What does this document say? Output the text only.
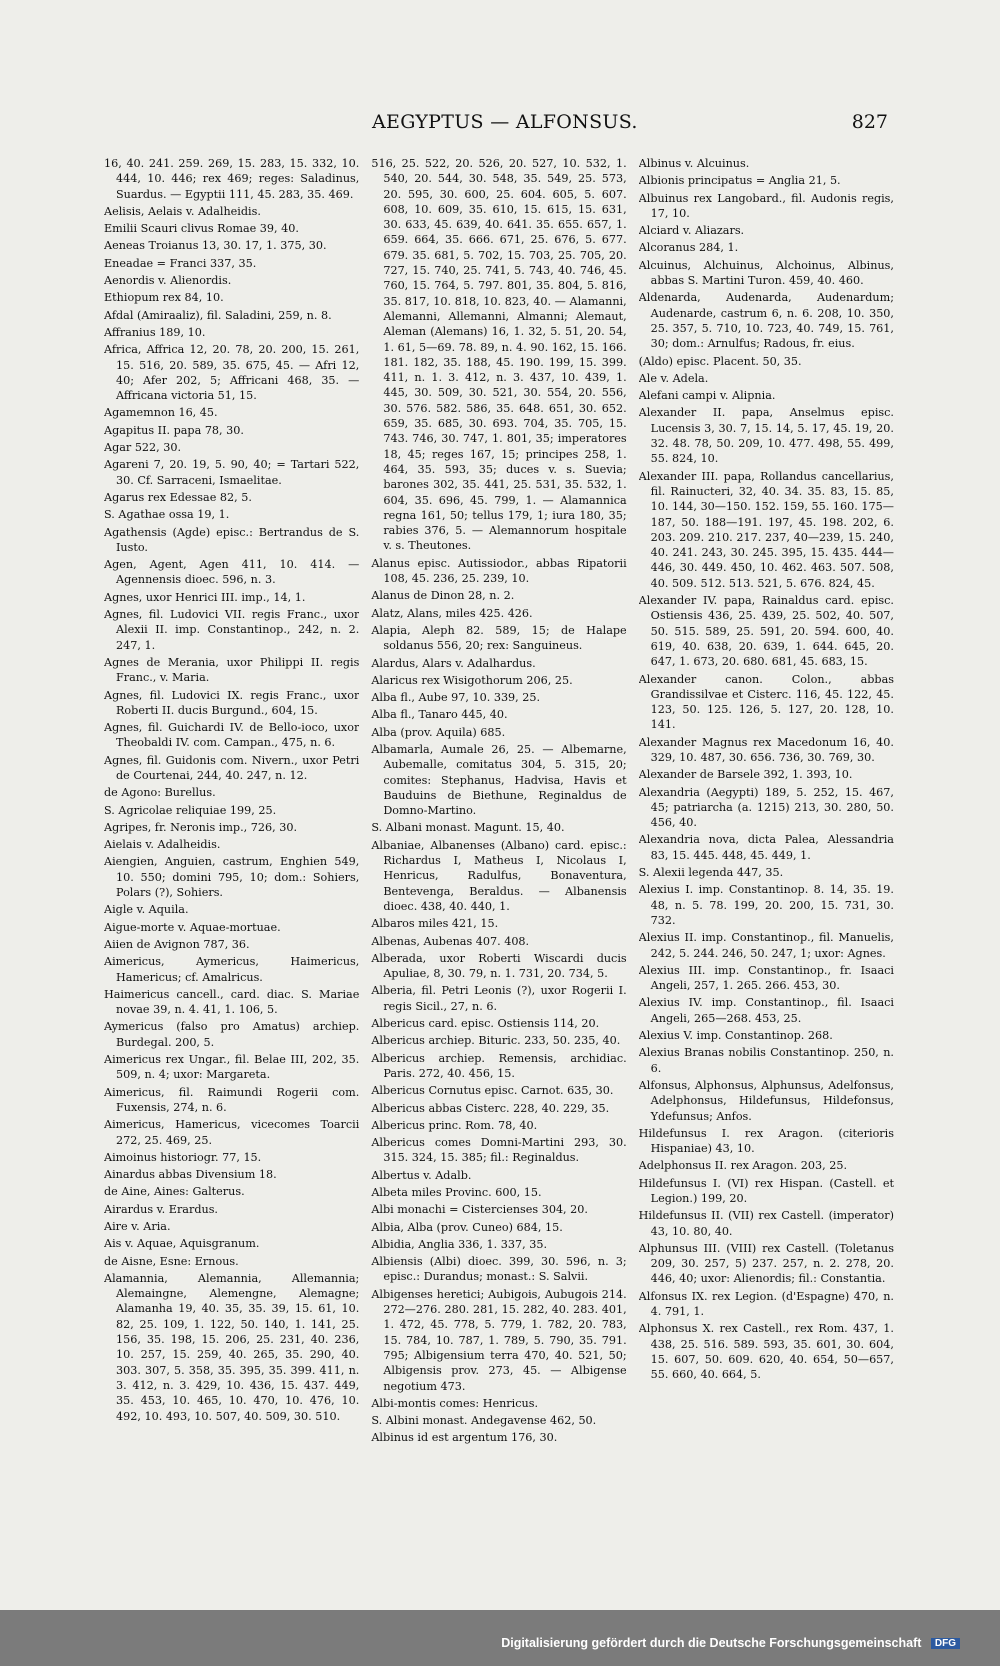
AEGYPTUS — ALFONSUS.	827

16, 40. 241. 259. 269, 15. 283, 15. 332, 10. 444, 10. 446; rex 469; reges: Saladinus, Suardus. — Egyptii 111, 45. 283, 35. 469.

Aelisis, Aelais v. Adalheidis.

Emilii Scauri clivus Romae 39, 40.

Aeneas Troianus 13, 30. 17, 1. 375, 30.

Eneadae = Franci 337, 35.

Aenordis v. Alienordis.

Ethiopum rex 84, 10.

Afdal (Amiraaliz), fil. Saladini, 259, n. 8.

Affranius 189, 10.

Africa, Affrica 12, 20. 78, 20. 200, 15. 261, 15. 516, 20. 589, 35. 675, 45. — Afri 12, 40; Afer 202, 5; Affricani 468, 35. — Affricana victoria 51, 15.

Agamemnon 16, 45.

Agapitus II. papa 78, 30.

Agar 522, 30.

Agareni 7, 20. 19, 5. 90, 40; = Tartari 522, 30. Cf. Sarraceni, Ismaelitae.

Agarus rex Edessae 82, 5.

S. Agathae ossa 19, 1.

Agathensis (Agde) episc.: Bertrandus de S. Iusto.

Agen, Agent, Agen 411, 10. 414. — Agennensis dioec. 596, n. 3.

Agnes, uxor Henrici III. imp., 14, 1.

Agnes, fil. Ludovici VII. regis Franc., uxor Alexii II. imp. Constantinop., 242, n. 2. 247, 1.

Agnes de Merania, uxor Philippi II. regis Franc., v. Maria.

Agnes, fil. Ludovici IX. regis Franc., uxor Roberti II. ducis Burgund., 604, 15.

Agnes, fil. Guichardi IV. de Bello-ioco, uxor Theobaldi IV. com. Campan., 475, n. 6.

Agnes, fil. Guidonis com. Nivern., uxor Petri de Courtenai, 244, 40. 247, n. 12.

de Agono: Burellus.

S. Agricolae reliquiae 199, 25.

Agripes, fr. Neronis imp., 726, 30.

Aielais v. Adalheidis.

Aiengien, Anguien, castrum, Enghien 549, 10. 550; domini 795, 10; dom.: Sohiers, Polars (?), Sohiers.

Aigle v. Aquila.

Aigue-morte v. Aquae-mortuae.

Aiien de Avignon 787, 36.

Aimericus, Aymericus, Haimericus, Hamericus; cf. Amalricus.

Haimericus cancell., card. diac. S. Mariae novae 39, n. 4. 41, 1. 106, 5.

Aymericus (falso pro Amatus) archiep. Burdegal. 200, 5.

Aimericus rex Ungar., fil. Belae III, 202, 35. 509, n. 4; uxor: Margareta.

Aimericus, fil. Raimundi Rogerii com. Fuxensis, 274, n. 6.

Aimericus, Hamericus, vicecomes Toarcii 272, 25. 469, 25.

Aimoinus historiogr. 77, 15.

Ainardus abbas Divensium 18.

de Aine, Aines: Galterus.

Airardus v. Erardus.

Aire v. Aria.

Ais v. Aquae, Aquisgranum.

de Aisne, Esne: Ernous.

Alamannia, Alemannia, Allemannia; Alemaingne, Alemengne, Alemagne; Alamanha 19, 40. 35, 35. 39, 15. 61, 10. 82, 25. 109, 1. 122, 50. 140, 1. 141, 25. 156, 35. 198, 15. 206, 25. 231, 40. 236, 10. 257, 15. 259, 40. 265, 35. 290, 40. 303. 307, 5. 358, 35. 395, 35. 399. 411, n. 3. 412, n. 3. 429, 10. 436, 15. 437. 449, 35. 453, 10. 465, 10. 470, 10. 476, 10. 492, 10. 493, 10. 507, 40. 509, 30. 510.

516, 25. 522, 20. 526, 20. 527, 10. 532, 1. 540, 20. 544, 30. 548, 35. 549, 25. 573, 20. 595, 30. 600, 25. 604. 605, 5. 607. 608, 10. 609, 35. 610, 15. 615, 15. 631, 30. 633, 45. 639, 40. 641. 35. 655. 657, 1. 659. 664, 35. 666. 671, 25. 676, 5. 677. 679. 35. 681, 5. 702, 15. 703, 25. 705, 20. 727, 15. 740, 25. 741, 5. 743, 40. 746, 45. 760, 15. 764, 5. 797. 801, 35. 804, 5. 816, 35. 817, 10. 818, 10. 823, 40. — Alamanni, Alemanni, Allemanni, Almanni; Alemaut, Aleman (Alemans) 16, 1. 32, 5. 51, 20. 54, 1. 61, 5—69. 78. 89, n. 4. 90. 162, 15. 166. 181. 182, 35. 188, 45. 190. 199, 15. 399. 411, n. 1. 3. 412, n. 3. 437, 10. 439, 1. 445, 30. 509, 30. 521, 30. 554, 20. 556, 30. 576. 582. 586, 35. 648. 651, 30. 652. 659, 35. 685, 30. 693. 704, 35. 705, 15. 743. 746, 30. 747, 1. 801, 35; imperatores 18, 45; reges 167, 15; principes 258, 1. 464, 35. 593, 35; duces v. s. Suevia; barones 302, 35. 441, 25. 531, 35. 532, 1. 604, 35. 696, 45. 799, 1. — Alamannica regna 161, 50; tellus 179, 1; iura 180, 35; rabies 376, 5. — Alemannorum hospitale v. s. Theutones.

Alanus episc. Autissiodor., abbas Ripatorii 108, 45. 236, 25. 239, 10.

Alanus de Dinon 28, n. 2.

Alatz, Alans, miles 425. 426.

Alapia, Aleph 82. 589, 15; de Halape soldanus 556, 20; rex: Sanguineus.

Alardus, Alars v. Adalhardus.

Alaricus rex Wisigothorum 206, 25.

Alba fl., Aube 97, 10. 339, 25.

Alba fl., Tanaro 445, 40.

Alba (prov. Aquila) 685.

Albamarla, Aumale 26, 25. — Albemarne, Aubemalle, comitatus 304, 5. 315, 20; comites: Stephanus, Hadvisa, Havis et Bauduins de Biethune, Reginaldus de Domno-Martino.

S. Albani monast. Magunt. 15, 40.

Albaniae, Albanenses (Albano) card. episc.: Richardus I, Matheus I, Nicolaus I, Henricus, Radulfus, Bonaventura, Bentevenga, Beraldus. — Albanensis dioec. 438, 40. 440, 1.

Albaros miles 421, 15.

Albenas, Aubenas 407. 408.

Alberada, uxor Roberti Wiscardi ducis Apuliae, 8, 30. 79, n. 1. 731, 20. 734, 5.

Alberia, fil. Petri Leonis (?), uxor Rogerii I. regis Sicil., 27, n. 6.

Albericus card. episc. Ostiensis 114, 20.

Albericus archiep. Bituric. 233, 50. 235, 40.

Albericus archiep. Remensis, archidiac. Paris. 272, 40. 456, 15.

Albericus Cornutus episc. Carnot. 635, 30.

Albericus abbas Cisterc. 228, 40. 229, 35.

Albericus princ. Rom. 78, 40.

Albericus comes Domni-Martini 293, 30. 315. 324, 15. 385; fil.: Reginaldus.

Albertus v. Adalb.

Albeta miles Provinc. 600, 15.

Albi monachi = Cistercienses 304, 20.

Albia, Alba (prov. Cuneo) 684, 15.

Albidia, Anglia 336, 1. 337, 35.

Albiensis (Albi) dioec. 399, 30. 596, n. 3; episc.: Durandus; monast.: S. Salvii.

Albigenses heretici; Aubigois, Aubugois 214. 272—276. 280. 281, 15. 282, 40. 283. 401, 1. 472, 45. 778, 5. 779, 1. 782, 20. 783, 15. 784, 10. 787, 1. 789, 5. 790, 35. 791. 795; Albigensium terra 470, 40. 521, 50; Albigensis prov. 273, 45. — Albigense negotium 473.

Albi-montis comes: Henricus.

S. Albini monast. Andegavense 462, 50.

Albinus id est argentum 176, 30.

Albinus v. Alcuinus.

Albionis principatus = Anglia 21, 5.

Albuinus rex Langobard., fil. Audonis regis, 17, 10.

Alciard v. Aliazars.

Alcoranus 284, 1.

Alcuinus, Alchuinus, Alchoinus, Albinus, abbas S. Martini Turon. 459, 40. 460.

Aldenarda, Audenarda, Audenardum; Audenarde, castrum 6, n. 6. 208, 10. 350, 25. 357, 5. 710, 10. 723, 40. 749, 15. 761, 30; dom.: Arnulfus; Radous, fr. eius.

(Aldo) episc. Placent. 50, 35.

Ale v. Adela.

Alefani campi v. Alipnia.

Alexander II. papa, Anselmus episc. Lucensis 3, 30. 7, 15. 14, 5. 17, 45. 19, 20. 32. 48. 78, 50. 209, 10. 477. 498, 55. 499, 55. 824, 10.

Alexander III. papa, Rollandus cancellarius, fil. Rainucteri, 32, 40. 34. 35. 83, 15. 85, 10. 144, 30—150. 152. 159, 55. 160. 175—187, 50. 188—191. 197, 45. 198. 202, 6. 203. 209. 210. 217. 237, 40—239, 15. 240, 40. 241. 243, 30. 245. 395, 15. 435. 444—446, 30. 449. 450, 10. 462. 463. 507. 508, 40. 509. 512. 513. 521, 5. 676. 824, 45.

Alexander IV. papa, Rainaldus card. episc. Ostiensis 436, 25. 439, 25. 502, 40. 507, 50. 515. 589, 25. 591, 20. 594. 600, 40. 619, 40. 638, 20. 639, 1. 644. 645, 20. 647, 1. 673, 20. 680. 681, 45. 683, 15.

Alexander canon. Colon., abbas Grandissilvae et Cisterc. 116, 45. 122, 45. 123, 50. 125. 126, 5. 127, 20. 128, 10. 141.

Alexander Magnus rex Macedonum 16, 40. 329, 10. 487, 30. 656. 736, 30. 769, 30.

Alexander de Barsele 392, 1. 393, 10.

Alexandria (Aegypti) 189, 5. 252, 15. 467, 45; patriarcha (a. 1215) 213, 30. 280, 50. 456, 40.

Alexandria nova, dicta Palea, Alessandria 83, 15. 445. 448, 45. 449, 1.

S. Alexii legenda 447, 35.

Alexius I. imp. Constantinop. 8. 14, 35. 19. 48, n. 5. 78. 199, 20. 200, 15. 731, 30. 732.

Alexius II. imp. Constantinop., fil. Manuelis, 242, 5. 244. 246, 50. 247, 1; uxor: Agnes.

Alexius III. imp. Constantinop., fr. Isaaci Angeli, 257, 1. 265. 266. 453, 30.

Alexius IV. imp. Constantinop., fil. Isaaci Angeli, 265—268. 453, 25.

Alexius V. imp. Constantinop. 268.

Alexius Branas nobilis Constantinop. 250, n. 6.

Alfonsus, Alphonsus, Alphunsus, Adelfonsus, Adelphonsus, Hildefunsus, Hildefonsus, Ydefunsus; Anfos.

Hildefunsus I. rex Aragon. (citerioris Hispaniae) 43, 10.

Adelphonsus II. rex Aragon. 203, 25.

Hildefunsus I. (VI) rex Hispan. (Castell. et Legion.) 199, 20.

Hildefunsus II. (VII) rex Castell. (imperator) 43, 10. 80, 40.

Alphunsus III. (VIII) rex Castell. (Toletanus 209, 30. 257, 5) 237. 257, n. 2. 278, 20. 446, 40; uxor: Alienordis; fil.: Constantia.

Alfonsus IX. rex Legion. (d'Espagne) 470, n. 4. 791, 1.

Alphonsus X. rex Castell., rex Rom. 437, 1. 438, 25. 516. 589. 593, 35. 601, 30. 604, 15. 607, 50. 609. 620, 40. 654, 50—657, 55. 660, 40. 664, 5.

Digitalisierung gefördert durch die Deutsche Forschungsgemeinschaft DFG
